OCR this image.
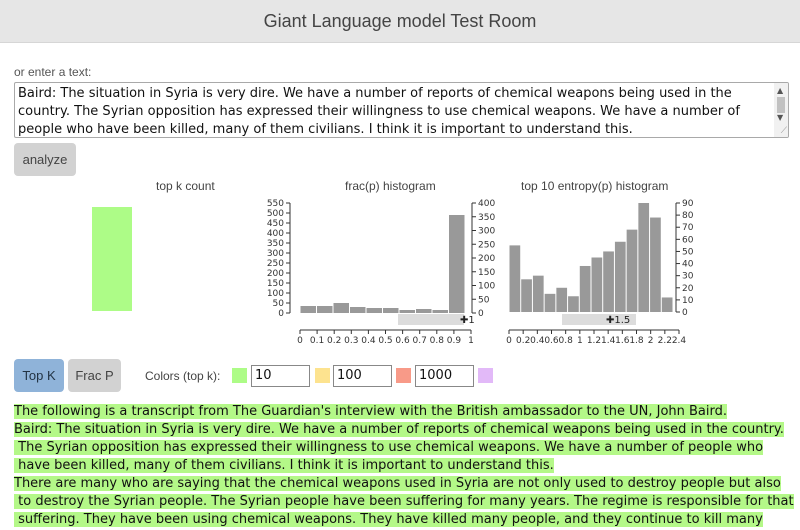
Giant Language model Test Room
or enter a text:
Baird: The situation in Syria is very dire. We have a number of reports of chemical weapons being used in the country. The Syrian opposition has expressed their willingness to use chemical weapons. We have a number of people who have been killed, many of them civilians. I think it is important to understand this.
▲
▼
⟋
analyze
top k count	frac(p) histogram	top 10 entropy(p) histogram
0
50
100
150
200
250
300
350
400
450
500
550
0
50
100
150
200
250
300
350
400
✚1
0 0.1 0.2 0.3 0.4 0.5 0.6 0.7 0.8 0.9 1
0
10
20
30
40
50
60
70
80
90
✚1.5
0 0.2 0.4 0.6 0.8 1 1.2 1.4 1.6 1.8 2 2.2 2.4
Top K	Frac P	Colors (top k):	10	100	1000
The following is a transcript from The Guardian's interview with the British ambassador to the UN, John Baird.
Baird: The situation in Syria is very dire. We have a number of reports of chemical weapons being used in the country.
The Syrian opposition has expressed their willingness to use chemical weapons. We have a number of people who
have been killed, many of them civilians. I think it is important to understand this.
There are many who are saying that the chemical weapons used in Syria are not only used to destroy people but also
to destroy the Syrian people. The Syrian people have been suffering for many years. The regime is responsible for that
suffering. They have been using chemical weapons. They have killed many people, and they continue to kill many
